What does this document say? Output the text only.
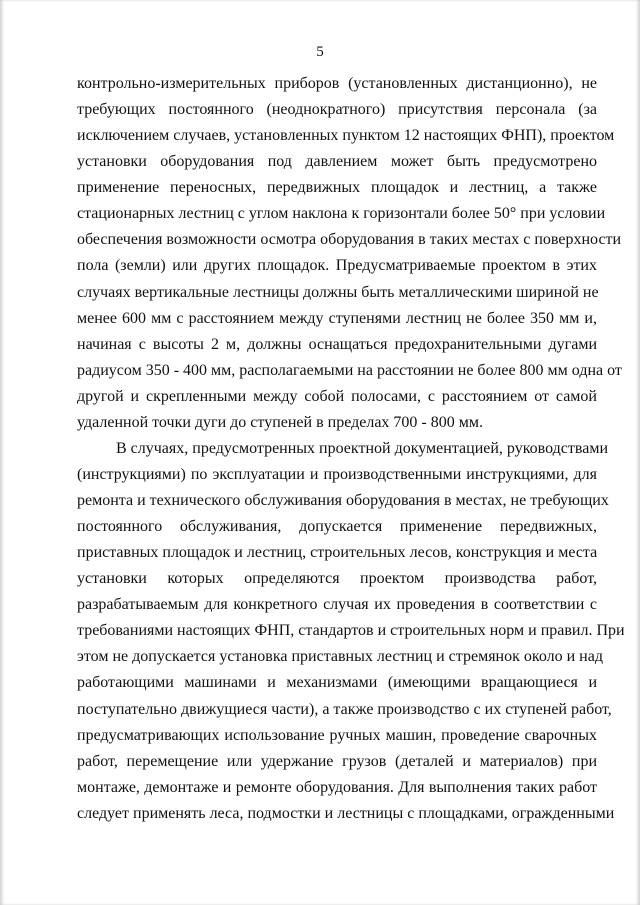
5
контрольно-измерительных приборов (установленных дистанционно), не
требующих постоянного (неоднократного) присутствия персонала (за
исключением случаев, установленных пунктом 12 настоящих ФНП), проектом
установки оборудования под давлением может быть предусмотрено
применение переносных, передвижных площадок и лестниц, а также
стационарных лестниц с углом наклона к горизонтали более 50° при условии
обеспечения возможности осмотра оборудования в таких местах с поверхности
пола (земли) или других площадок. Предусматриваемые проектом в этих
случаях вертикальные лестницы должны быть металлическими шириной не
менее 600 мм с расстоянием между ступенями лестниц не более 350 мм и,
начиная с высоты 2 м, должны оснащаться предохранительными дугами
радиусом 350 - 400 мм, располагаемыми на расстоянии не более 800 мм одна от
другой и скрепленными между собой полосами, с расстоянием от самой
удаленной точки дуги до ступеней в пределах 700 - 800 мм.
В случаях, предусмотренных проектной документацией, руководствами
(инструкциями) по эксплуатации и производственными инструкциями, для
ремонта и технического обслуживания оборудования в местах, не требующих
постоянного обслуживания, допускается применение передвижных,
приставных площадок и лестниц, строительных лесов, конструкция и места
установки которых определяются проектом производства работ,
разрабатываемым для конкретного случая их проведения в соответствии с
требованиями настоящих ФНП, стандартов и строительных норм и правил. При
этом не допускается установка приставных лестниц и стремянок около и над
работающими машинами и механизмами (имеющими вращающиеся и
поступательно движущиеся части), а также производство с их ступеней работ,
предусматривающих использование ручных машин, проведение сварочных
работ, перемещение или удержание грузов (деталей и материалов) при
монтаже, демонтаже и ремонте оборудования. Для выполнения таких работ
следует применять леса, подмостки и лестницы с площадками, огражденными
